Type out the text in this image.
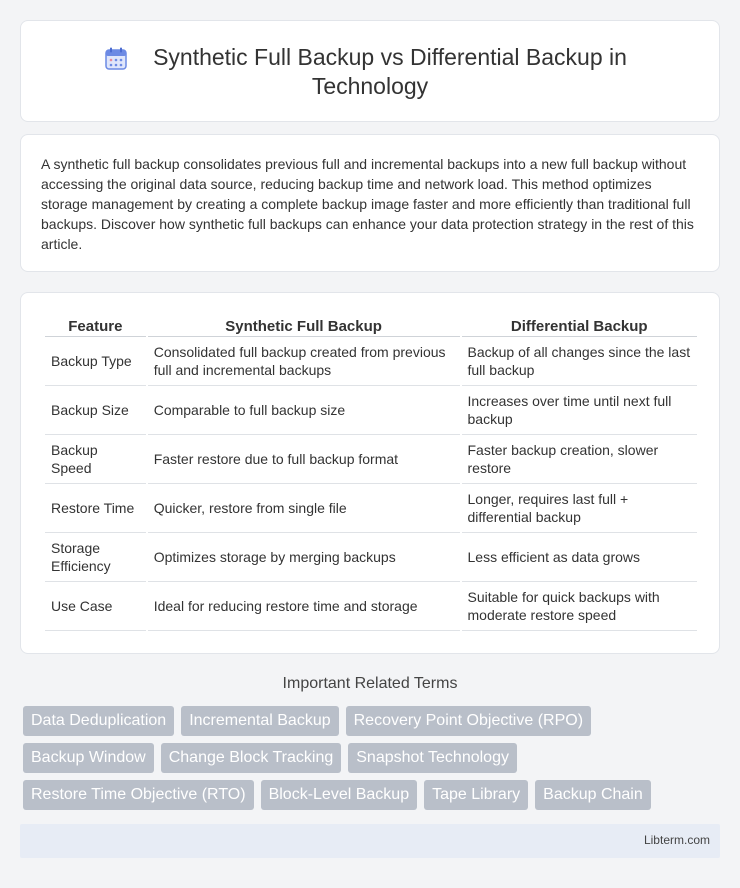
Synthetic Full Backup vs Differential Backup in Technology

A synthetic full backup consolidates previous full and incremental backups into a new full backup without accessing the original data source, reducing backup time and network load. This method optimizes storage management by creating a complete backup image faster and more efficiently than traditional full backups. Discover how synthetic full backups can enhance your data protection strategy in the rest of this article.

Feature	Synthetic Full Backup	Differential Backup
Backup Type	Consolidated full backup created from previous full and incremental backups	Backup of all changes since the last full backup
Backup Size	Comparable to full backup size	Increases over time until next full backup
Backup Speed	Faster restore due to full backup format	Faster backup creation, slower restore
Restore Time	Quicker, restore from single file	Longer, requires last full + differential backup
Storage Efficiency	Optimizes storage by merging backups	Less efficient as data grows
Use Case	Ideal for reducing restore time and storage	Suitable for quick backups with moderate restore speed
Important Related Terms
Data Deduplication	Incremental Backup	Recovery Point Objective (RPO)
Backup Window	Change Block Tracking	Snapshot Technology
Restore Time Objective (RTO)	Block-Level Backup	Tape Library	Backup Chain
Libterm.com
